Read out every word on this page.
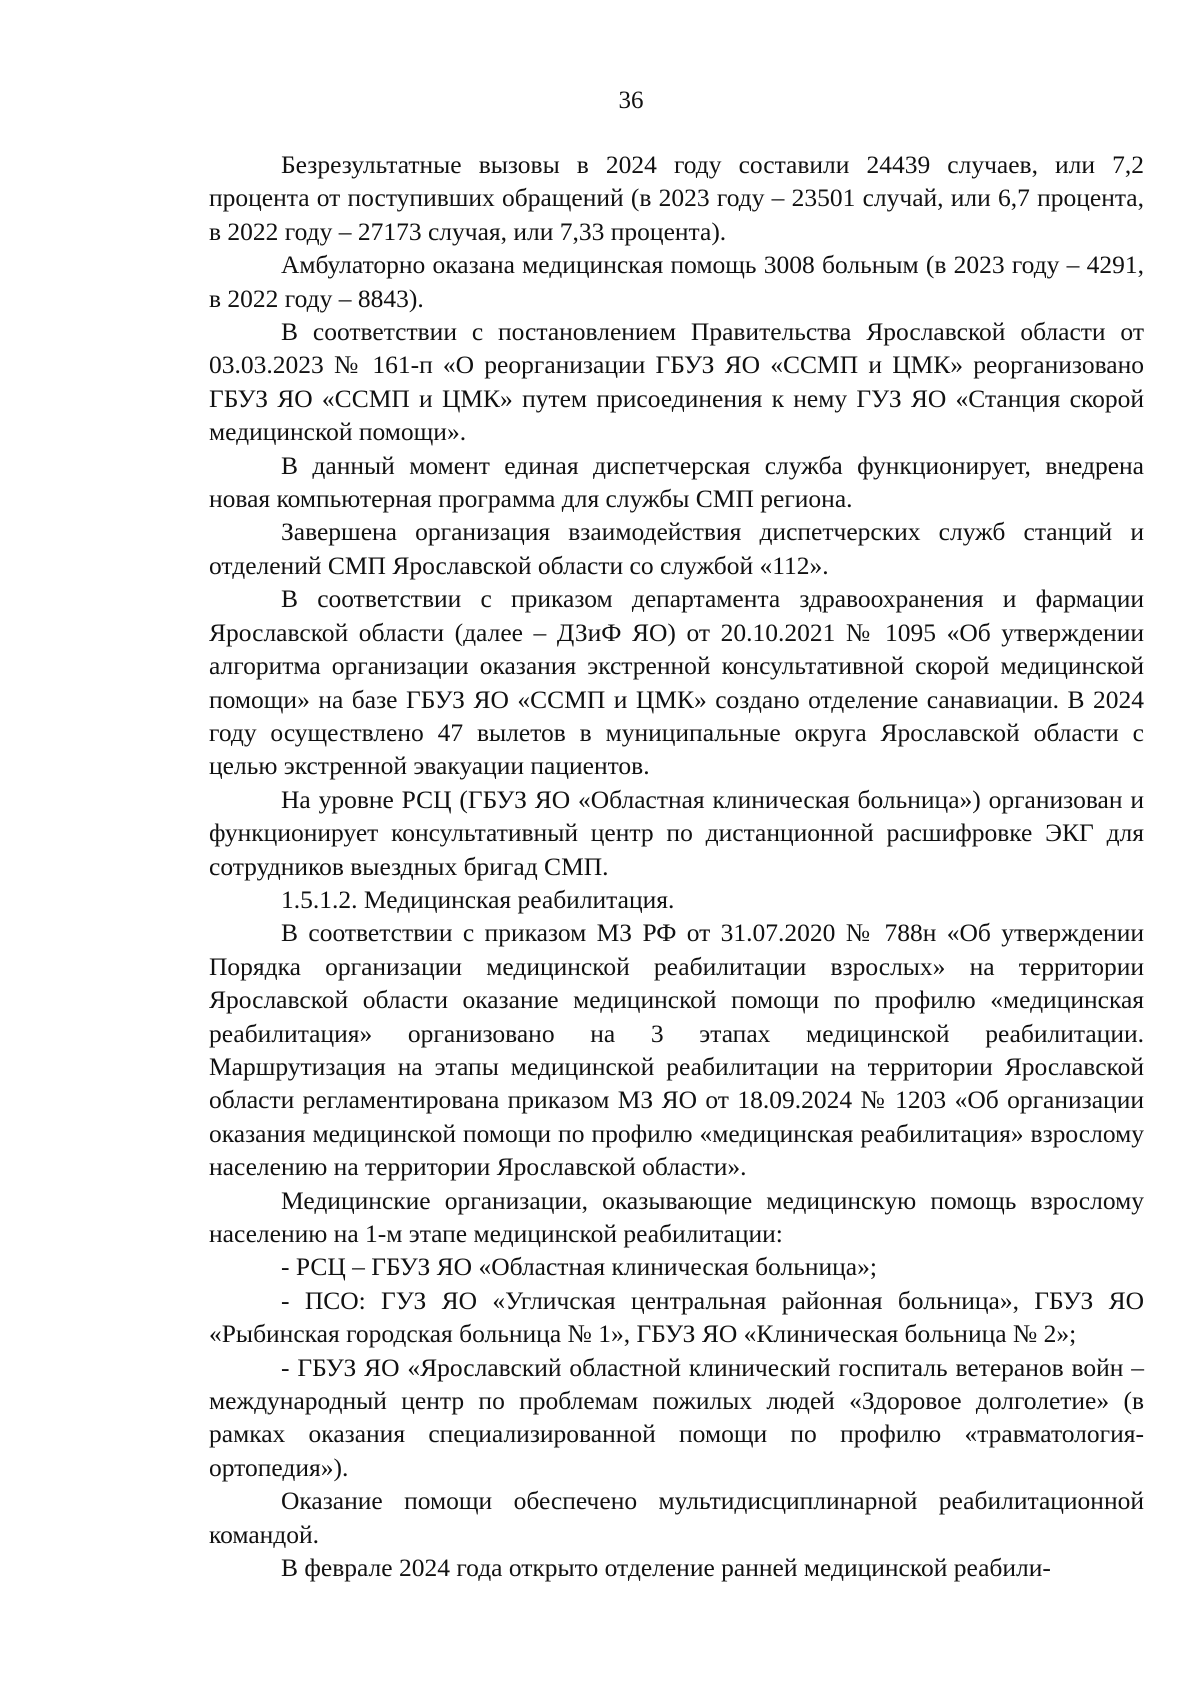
36

Безрезультатные вызовы в 2024 году составили 24439 случаев, или 7,2 процента от поступивших обращений (в 2023 году – 23501 случай, или 6,7 процента, в 2022 году – 27173 случая, или 7,33 процента).

Амбулаторно оказана медицинская помощь 3008 больным (в 2023 году – 4291, в 2022 году – 8843).

В соответствии с постановлением Правительства Ярославской области от 03.03.2023 № 161-п «О реорганизации ГБУЗ ЯО «ССМП и ЦМК» реорганизовано ГБУЗ ЯО «ССМП и ЦМК» путем присоединения к нему ГУЗ ЯО «Станция скорой медицинской помощи».

В данный момент единая диспетчерская служба функционирует, внедрена новая компьютерная программа для службы СМП региона.

Завершена организация взаимодействия диспетчерских служб станций и отделений СМП Ярославской области со службой «112».

В соответствии с приказом департамента здравоохранения и фармации Ярославской области (далее – ДЗиФ ЯО) от 20.10.2021 № 1095 «Об утверждении алгоритма организации оказания экстренной консультативной скорой медицинской помощи» на базе ГБУЗ ЯО «ССМП и ЦМК» создано отделение санавиации. В 2024 году осуществлено 47 вылетов в муниципальные округа Ярославской области с целью экстренной эвакуации пациентов.

На уровне РСЦ (ГБУЗ ЯО «Областная клиническая больница») организован и функционирует консультативный центр по дистанционной расшифровке ЭКГ для сотрудников выездных бригад СМП.

1.5.1.2. Медицинская реабилитация.

В соответствии с приказом МЗ РФ от 31.07.2020 № 788н «Об утверждении Порядка организации медицинской реабилитации взрослых» на территории Ярославской области оказание медицинской помощи по профилю «медицинская реабилитация» организовано на 3 этапах медицинской реабилитации. Маршрутизация на этапы медицинской реабилитации на территории Ярославской области регламентирована приказом МЗ ЯО от 18.09.2024 № 1203 «Об организации оказания медицинской помощи по профилю «медицинская реабилитация» взрослому населению на территории Ярославской области».

Медицинские организации, оказывающие медицинскую помощь взрослому населению на 1-м этапе медицинской реабилитации:

- РСЦ – ГБУЗ ЯО «Областная клиническая больница»;

- ПСО: ГУЗ ЯО «Угличская центральная районная больница», ГБУЗ ЯО «Рыбинская городская больница № 1», ГБУЗ ЯО «Клиническая больница № 2»;

- ГБУЗ ЯО «Ярославский областной клинический госпиталь ветеранов войн – международный центр по проблемам пожилых людей «Здоровое долголетие» (в рамках оказания специализированной помощи по профилю «травматология-ортопедия»).

Оказание помощи обеспечено мультидисциплинарной реабилитационной командой.

В феврале 2024 года открыто отделение ранней медицинской реабили-
